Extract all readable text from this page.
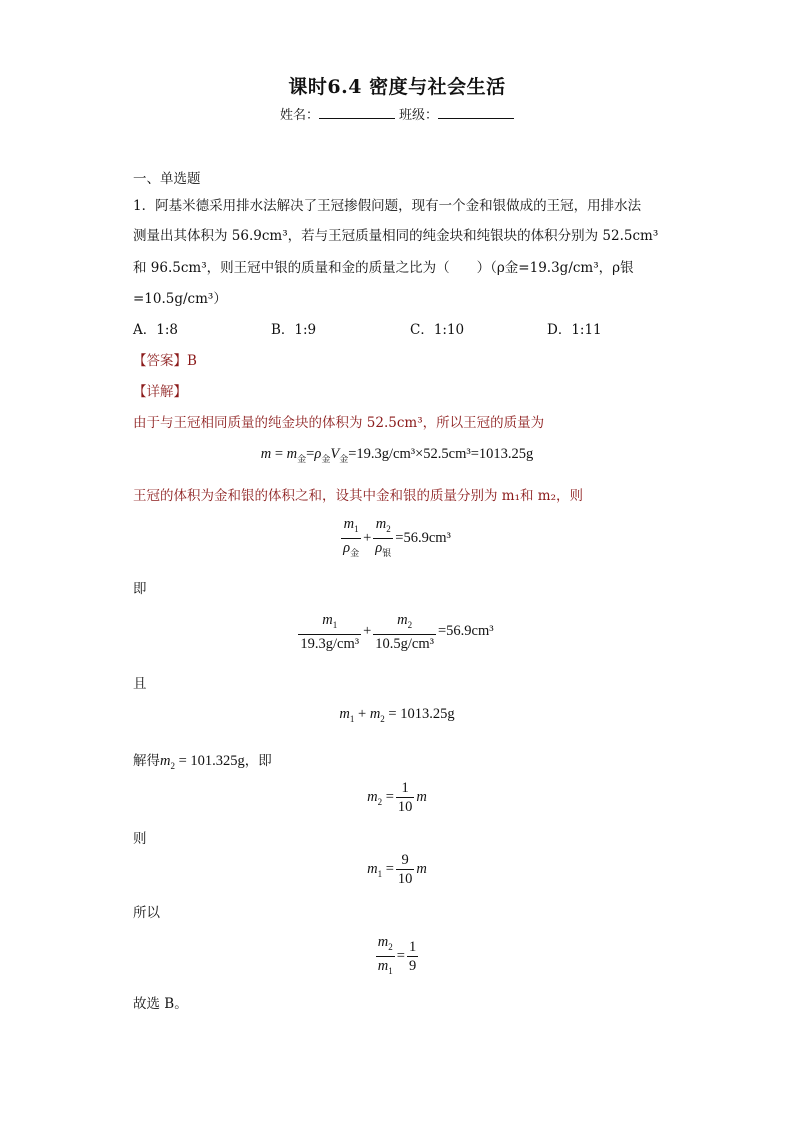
课时6.4 密度与社会生活
姓名：	班级：
一、单选题
1．阿基米德采用排水法解决了王冠掺假问题，现有一个金和银做成的王冠，用排水法
测量出其体积为 56.9cm³，若与王冠质量相同的纯金块和纯银块的体积分别为 52.5cm³
和 96.5cm³，则王冠中银的质量和金的质量之比为（　　）（ρ金=19.3g/cm³，ρ银
=10.5g/cm³）
A．1:8	B．1:9	C．1:10	D．1:11
【答案】B
【详解】
由于与王冠相同质量的纯金块的体积为 52.5cm³，所以王冠的质量为
$m = m_金=\rho_金V_金=19.3g/cm^3\times 52.5cm^3=1013.25g$
王冠的体积为金和银的体积之和，设其中金和银的质量分别为 m₁和 m₂，则
$\frac{m_1}{\rho_金} + \frac{m_2}{\rho_银} =56.9cm^3$
即
$\frac{m_1}{\text{19.3g/cm³}} + \frac{m_2}{\text{10.5g/cm³}} =56.9cm^3$
且
$m_1 + m_2 = 1013.25g$
解得$m_2 = 101.325g$，即
$m_2 = \frac{1}{10}$ m
则
$m_1 = \frac{9}{10}$ m
所以
$\frac{m_2}{m_1} = \frac{1}{9}$
故选 B。
